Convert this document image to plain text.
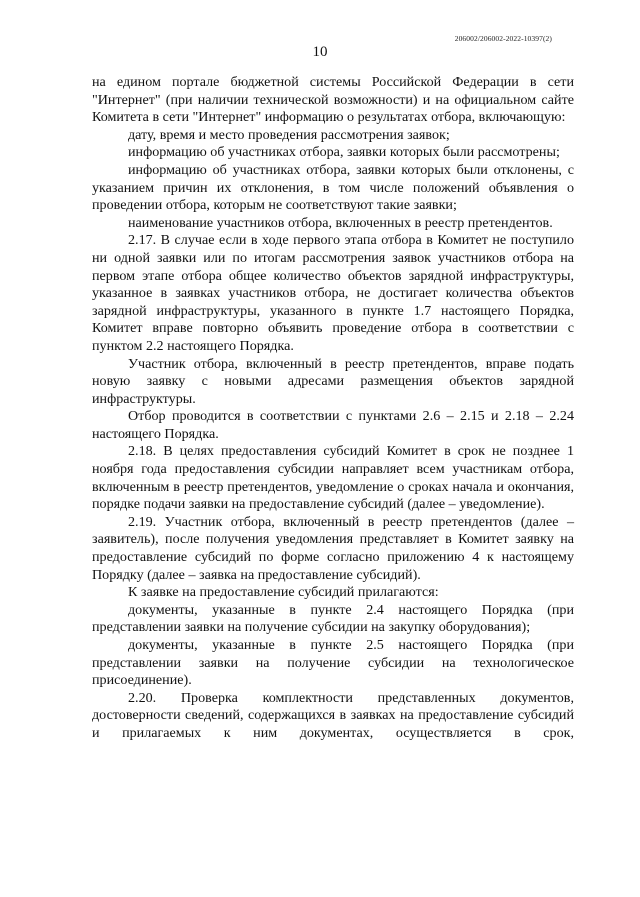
206002/206002-2022-10397(2)
10

на едином портале бюджетной системы Российской Федерации в сети "Интернет" (при наличии технической возможности) и на официальном сайте Комитета в сети "Интернет" информацию о результатах отбора, включающую:

дату, время и место проведения рассмотрения заявок;

информацию об участниках отбора, заявки которых были рассмотрены;

информацию об участниках отбора, заявки которых были отклонены, с указанием причин их отклонения, в том числе положений объявления о проведении отбора, которым не соответствуют такие заявки;

наименование участников отбора, включенных в реестр претендентов.

2.17. В случае если в ходе первого этапа отбора в Комитет не поступило ни одной заявки или по итогам рассмотрения заявок участников отбора на первом этапе отбора общее количество объектов зарядной инфраструктуры, указанное в заявках участников отбора, не достигает количества объектов зарядной инфраструктуры, указанного в пункте 1.7 настоящего Порядка, Комитет вправе повторно объявить проведение отбора в соответствии с пунктом 2.2 настоящего Порядка.

Участник отбора, включенный в реестр претендентов, вправе подать новую заявку с новыми адресами размещения объектов зарядной инфраструктуры.

Отбор проводится в соответствии с пунктами 2.6 – 2.15 и 2.18 – 2.24 настоящего Порядка.

2.18. В целях предоставления субсидий Комитет в срок не позднее 1 ноября года предоставления субсидии направляет всем участникам отбора, включенным в реестр претендентов, уведомление о сроках начала и окончания, порядке подачи заявки на предоставление субсидий (далее – уведомление).

2.19. Участник отбора, включенный в реестр претендентов (далее – заявитель), после получения уведомления представляет в Комитет заявку на предоставление субсидий по форме согласно приложению 4 к настоящему Порядку (далее – заявка на предоставление субсидий).

К заявке на предоставление субсидий прилагаются:

документы, указанные в пункте 2.4 настоящего Порядка (при представлении заявки на получение субсидии на закупку оборудования);

документы, указанные в пункте 2.5 настоящего Порядка (при представлении заявки на получение субсидии на технологическое присоединение).

2.20. Проверка комплектности представленных документов, достоверности сведений, содержащихся в заявках на предоставление субсидий и прилагаемых к ним документах, осуществляется в срок,
